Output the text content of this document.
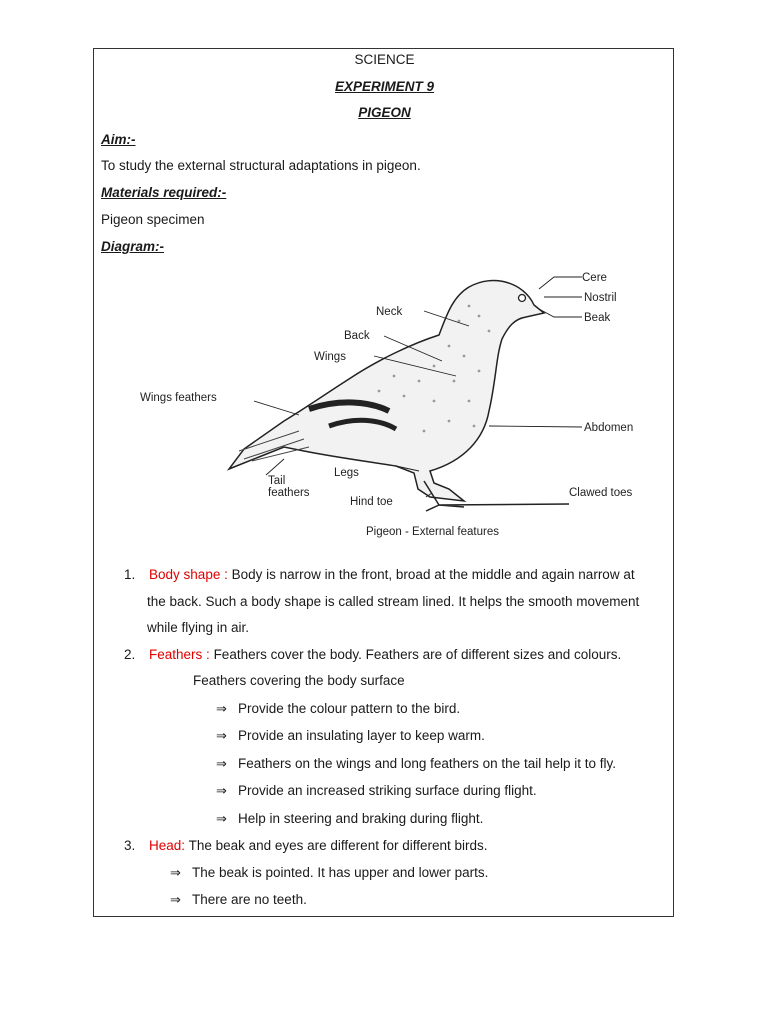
SCIENCE
EXPERIMENT 9
PIGEON
Aim:-
To study the external structural adaptations in pigeon.
Materials required:-
Pigeon specimen
Diagram:-
Cere
Nostril
Beak
Neck
Back
Wings
Wings feathers
Abdomen
Legs
Tail
feathers
Hind toe
Clawed toes
Pigeon - External features
1. Body shape : Body is narrow in the front, broad at the middle and again narrow at
the back. Such a body shape is called stream lined. It helps the smooth movement
while flying in air.
2. Feathers : Feathers cover the body. Feathers are of different sizes and colours.
Feathers covering the body surface
⇒ Provide the colour pattern to the bird.
⇒ Provide an insulating layer to keep warm.
⇒ Feathers on the wings and long feathers on the tail help it to fly.
⇒ Provide an increased striking surface during flight.
⇒ Help in steering and braking during flight.
3. Head: The beak and eyes are different for different birds.
⇒ The beak is pointed. It has upper and lower parts.
⇒ There are no teeth.
